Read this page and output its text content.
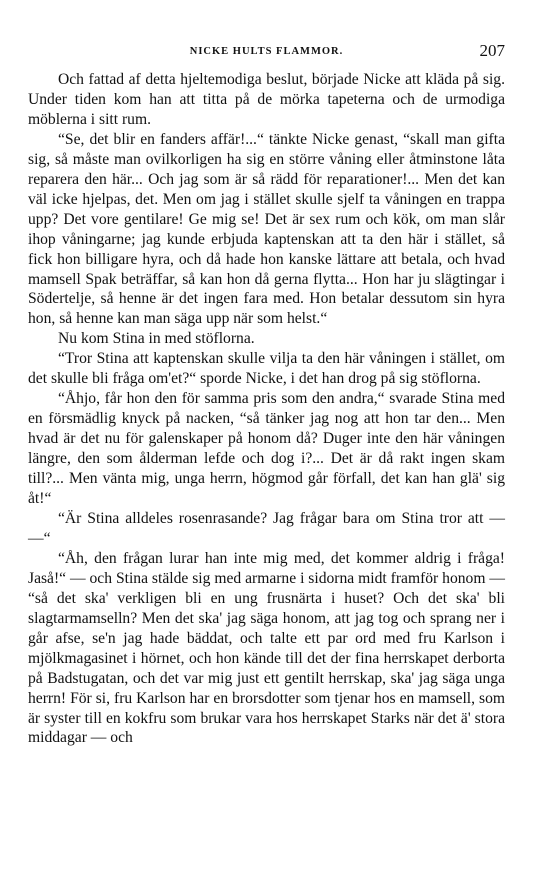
NICKE HULTS FLAMMOR.	207

Och fattad af detta hjeltemodiga beslut, började Nicke att kläda på sig. Under tiden kom han att titta på de mörka tapeterna och de urmodiga möblerna i sitt rum.

“Se, det blir en fanders affär!...“ tänkte Nicke genast, “skall man gifta sig, så måste man ovilkorligen ha sig en större våning eller åtminstone låta reparera den här... Och jag som är så rädd för reparationer!... Men det kan väl icke hjelpas, det. Men om jag i stället skulle sjelf ta våningen en trappa upp? Det vore gentilare! Ge mig se! Det är sex rum och kök, om man slår ihop våningarne; jag kunde erbjuda kaptenskan att ta den här i stället, så fick hon billigare hyra, och då hade hon kanske lättare att betala, och hvad mamsell Spak beträffar, så kan hon då gerna flytta... Hon har ju slägtingar i Södertelje, så henne är det ingen fara med. Hon betalar dessutom sin hyra hon, så henne kan man säga upp när som helst.“

Nu kom Stina in med stöflorna.

“Tror Stina att kaptenskan skulle vilja ta den här våningen i stället, om det skulle bli fråga om'et?“ sporde Nicke, i det han drog på sig stöflorna.

“Åhjo, får hon den för samma pris som den andra,“ svarade Stina med en försmädlig knyck på nacken, “så tänker jag nog att hon tar den... Men hvad är det nu för galenskaper på honom då? Duger inte den här våningen längre, den som ålderman lefde och dog i?... Det är då rakt ingen skam till?... Men vänta mig, unga herrn, högmod går förfall, det kan han glä' sig åt!“

“Är Stina alldeles rosenrasande? Jag frågar bara om Stina tror att — —“

“Åh, den frågan lurar han inte mig med, det kommer aldrig i fråga! Jaså!“ — och Stina stälde sig med armarne i sidorna midt framför honom — “så det ska' verkligen bli en ung frusnärta i huset? Och det ska' bli slagtarmamselln? Men det ska' jag säga honom, att jag tog och sprang ner i går afse, se'n jag hade bäddat, och talte ett par ord med fru Karlson i mjölkmagasinet i hörnet, och hon kände till det der fina herrskapet derborta på Badstugatan, och det var mig just ett gentilt herrskap, ska' jag säga unga herrn! För si, fru Karlson har en brorsdotter som tjenar hos en mamsell, som är syster till en kokfru som brukar vara hos herrskapet Starks när det ä' stora middagar — och
